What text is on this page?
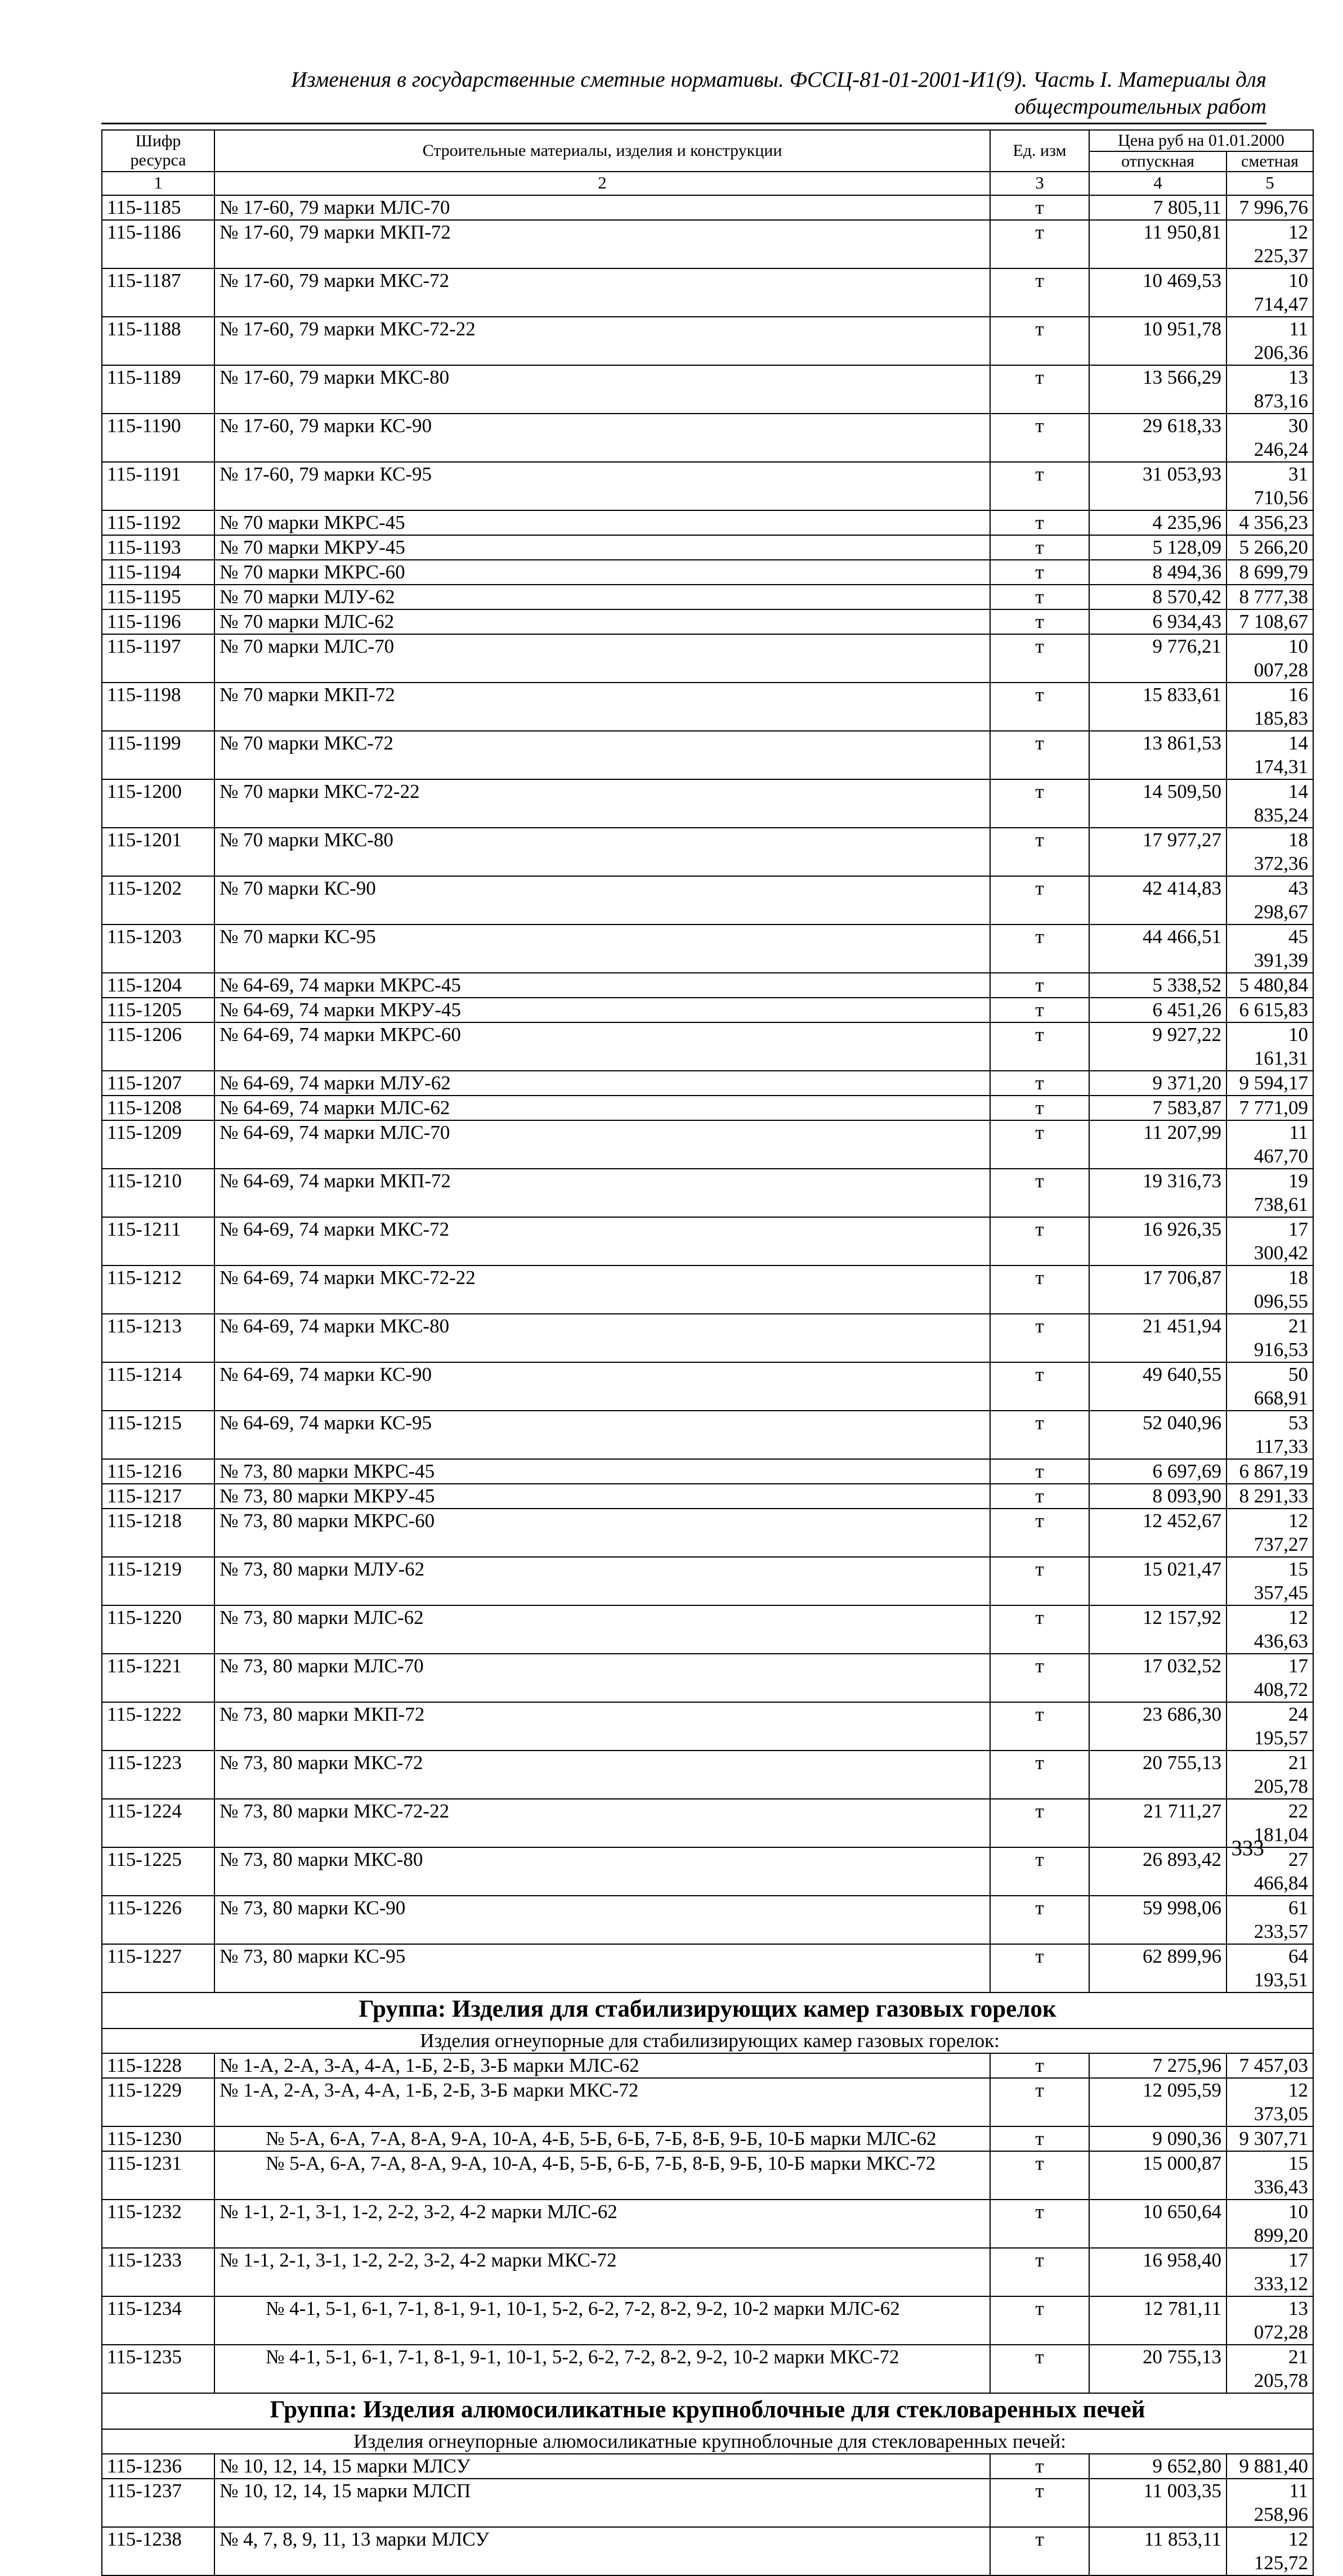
Изменения в государственные сметные нормативы. ФССЦ-81-01-2001-И1(9). Часть I. Материалы для
общестроительных работ
Шифр ресурса	Строительные материалы, изделия и конструкции	Ед. изм	Цена руб на 01.01.2000	
			отпускная	сметная
1	2	3	4	5
115-1185	№ 17-60, 79 марки МЛС-70	т	7 805,11	7 996,76
115-1186	№ 17-60, 79 марки МКП-72	т	11 950,81	12 225,37
115-1187	№ 17-60, 79 марки МКС-72	т	10 469,53	10 714,47
115-1188	№ 17-60, 79 марки МКС-72-22	т	10 951,78	11 206,36
115-1189	№ 17-60, 79 марки МКС-80	т	13 566,29	13 873,16
115-1190	№ 17-60, 79 марки КС-90	т	29 618,33	30 246,24
115-1191	№ 17-60, 79 марки КС-95	т	31 053,93	31 710,56
115-1192	№ 70 марки МКРС-45	т	4 235,96	4 356,23
115-1193	№ 70 марки МКРУ-45	т	5 128,09	5 266,20
115-1194	№ 70 марки МКРС-60	т	8 494,36	8 699,79
115-1195	№ 70 марки МЛУ-62	т	8 570,42	8 777,38
115-1196	№ 70 марки МЛС-62	т	6 934,43	7 108,67
115-1197	№ 70 марки МЛС-70	т	9 776,21	10 007,28
115-1198	№ 70 марки МКП-72	т	15 833,61	16 185,83
115-1199	№ 70 марки МКС-72	т	13 861,53	14 174,31
115-1200	№ 70 марки МКС-72-22	т	14 509,50	14 835,24
115-1201	№ 70 марки МКС-80	т	17 977,27	18 372,36
115-1202	№ 70 марки КС-90	т	42 414,83	43 298,67
115-1203	№ 70 марки КС-95	т	44 466,51	45 391,39
115-1204	№ 64-69, 74 марки МКРС-45	т	5 338,52	5 480,84
115-1205	№ 64-69, 74 марки МКРУ-45	т	6 451,26	6 615,83
115-1206	№ 64-69, 74 марки МКРС-60	т	9 927,22	10 161,31
115-1207	№ 64-69, 74 марки МЛУ-62	т	9 371,20	9 594,17
115-1208	№ 64-69, 74 марки МЛС-62	т	7 583,87	7 771,09
115-1209	№ 64-69, 74 марки МЛС-70	т	11 207,99	11 467,70
115-1210	№ 64-69, 74 марки МКП-72	т	19 316,73	19 738,61
115-1211	№ 64-69, 74 марки МКС-72	т	16 926,35	17 300,42
115-1212	№ 64-69, 74 марки МКС-72-22	т	17 706,87	18 096,55
115-1213	№ 64-69, 74 марки МКС-80	т	21 451,94	21 916,53
115-1214	№ 64-69, 74 марки КС-90	т	49 640,55	50 668,91
115-1215	№ 64-69, 74 марки КС-95	т	52 040,96	53 117,33
115-1216	№ 73, 80 марки МКРС-45	т	6 697,69	6 867,19
115-1217	№ 73, 80 марки МКРУ-45	т	8 093,90	8 291,33
115-1218	№ 73, 80 марки МКРС-60	т	12 452,67	12 737,27
115-1219	№ 73, 80 марки МЛУ-62	т	15 021,47	15 357,45
115-1220	№ 73, 80 марки МЛС-62	т	12 157,92	12 436,63
115-1221	№ 73, 80 марки МЛС-70	т	17 032,52	17 408,72
115-1222	№ 73, 80 марки МКП-72	т	23 686,30	24 195,57
115-1223	№ 73, 80 марки МКС-72	т	20 755,13	21 205,78
115-1224	№ 73, 80 марки МКС-72-22	т	21 711,27	22 181,04
115-1225	№ 73, 80 марки МКС-80	т	26 893,42	27 466,84
115-1226	№ 73, 80 марки КС-90	т	59 998,06	61 233,57
115-1227	№ 73, 80 марки КС-95	т	62 899,96	64 193,51
Группа: Изделия для стабилизирующих камер газовых горелок				
Изделия огнеупорные для стабилизирующих камер газовых горелок:				
115-1228	№ 1-А, 2-А, 3-А, 4-А, 1-Б, 2-Б, 3-Б марки МЛС-62	т	7 275,96	7 457,03
115-1229	№ 1-А, 2-А, 3-А, 4-А, 1-Б, 2-Б, 3-Б марки МКС-72	т	12 095,59	12 373,05
115-1230	№ 5-А, 6-А, 7-А, 8-А, 9-А, 10-А, 4-Б, 5-Б, 6-Б, 7-Б, 8-Б, 9-Б, 10-Б марки МЛС-62	т	9 090,36	9 307,71
115-1231	№ 5-А, 6-А, 7-А, 8-А, 9-А, 10-А, 4-Б, 5-Б, 6-Б, 7-Б, 8-Б, 9-Б, 10-Б марки МКС-72	т	15 000,87	15 336,43
115-1232	№ 1-1, 2-1, 3-1, 1-2, 2-2, 3-2, 4-2 марки МЛС-62	т	10 650,64	10 899,20
115-1233	№ 1-1, 2-1, 3-1, 1-2, 2-2, 3-2, 4-2 марки МКС-72	т	16 958,40	17 333,12
115-1234	№ 4-1, 5-1, 6-1, 7-1, 8-1, 9-1, 10-1, 5-2, 6-2, 7-2, 8-2, 9-2, 10-2 марки МЛС-62	т	12 781,11	13 072,28
115-1235	№ 4-1, 5-1, 6-1, 7-1, 8-1, 9-1, 10-1, 5-2, 6-2, 7-2, 8-2, 9-2, 10-2 марки МКС-72	т	20 755,13	21 205,78
Группа: Изделия алюмосиликатные крупноблочные для стекловаренных печей				
Изделия огнеупорные алюмосиликатные крупноблочные для стекловаренных печей:				
115-1236	№ 10, 12, 14, 15 марки МЛСУ	т	9 652,80	9 881,40
115-1237	№ 10, 12, 14, 15 марки МЛСП	т	11 003,35	11 258,96
115-1238	№ 4, 7, 8, 9, 11, 13 марки МЛСУ	т	11 853,11	12 125,72
333
